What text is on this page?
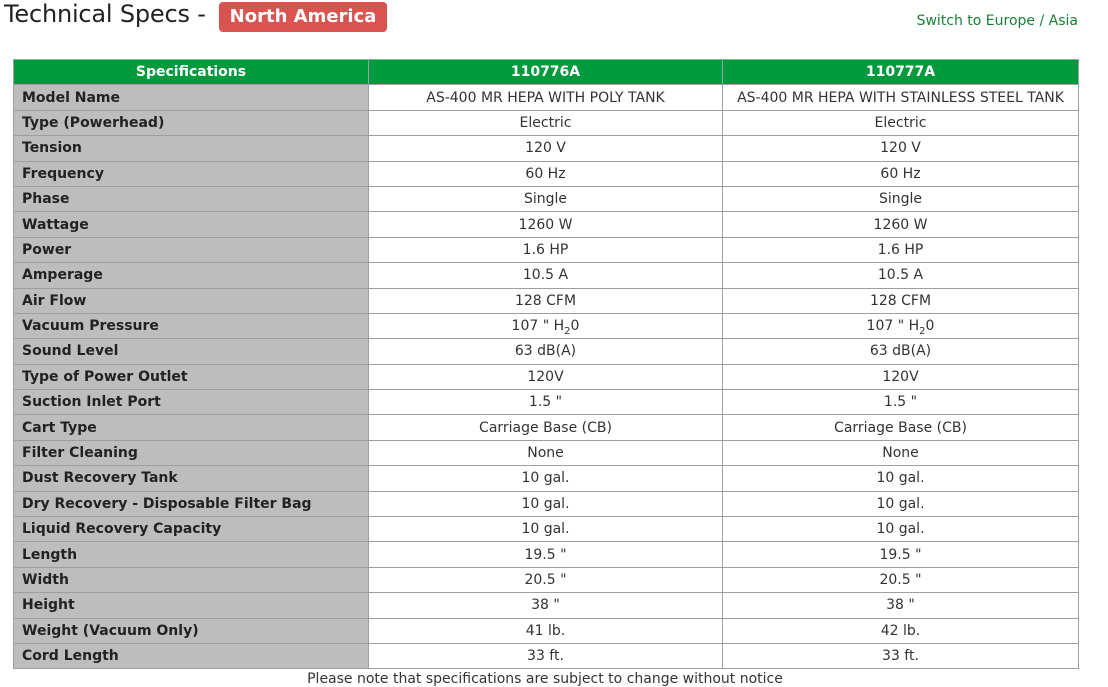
Technical Specs -	North America	Switch to Europe / Asia
Specifications	110776A	110777A
Model Name	AS-400 MR HEPA WITH POLY TANK	AS-400 MR HEPA WITH STAINLESS STEEL TANK
Type (Powerhead)	Electric	Electric
Tension	120 V	120 V
Frequency	60 Hz	60 Hz
Phase	Single	Single
Wattage	1260 W	1260 W
Power	1.6 HP	1.6 HP
Amperage	10.5 A	10.5 A
Air Flow	128 CFM	128 CFM
Vacuum Pressure	107 " $H_20$	107 " $H_20$
Sound Level	63 dB(A)	63 dB(A)
Type of Power Outlet	120V	120V
Suction Inlet Port	1.5 "	1.5 "
Cart Type	Carriage Base (CB)	Carriage Base (CB)
Filter Cleaning	None	None
Dust Recovery Tank	10 gal.	10 gal.
Dry Recovery - Disposable Filter Bag	10 gal.	10 gal.
Liquid Recovery Capacity	10 gal.	10 gal.
Length	19.5 "	19.5 "
Width	20.5 "	20.5 "
Height	38 "	38 "
Weight (Vacuum Only)	41 lb.	42 lb.
Cord Length	33 ft.	33 ft.
Please note that specifications are subject to change without notice
